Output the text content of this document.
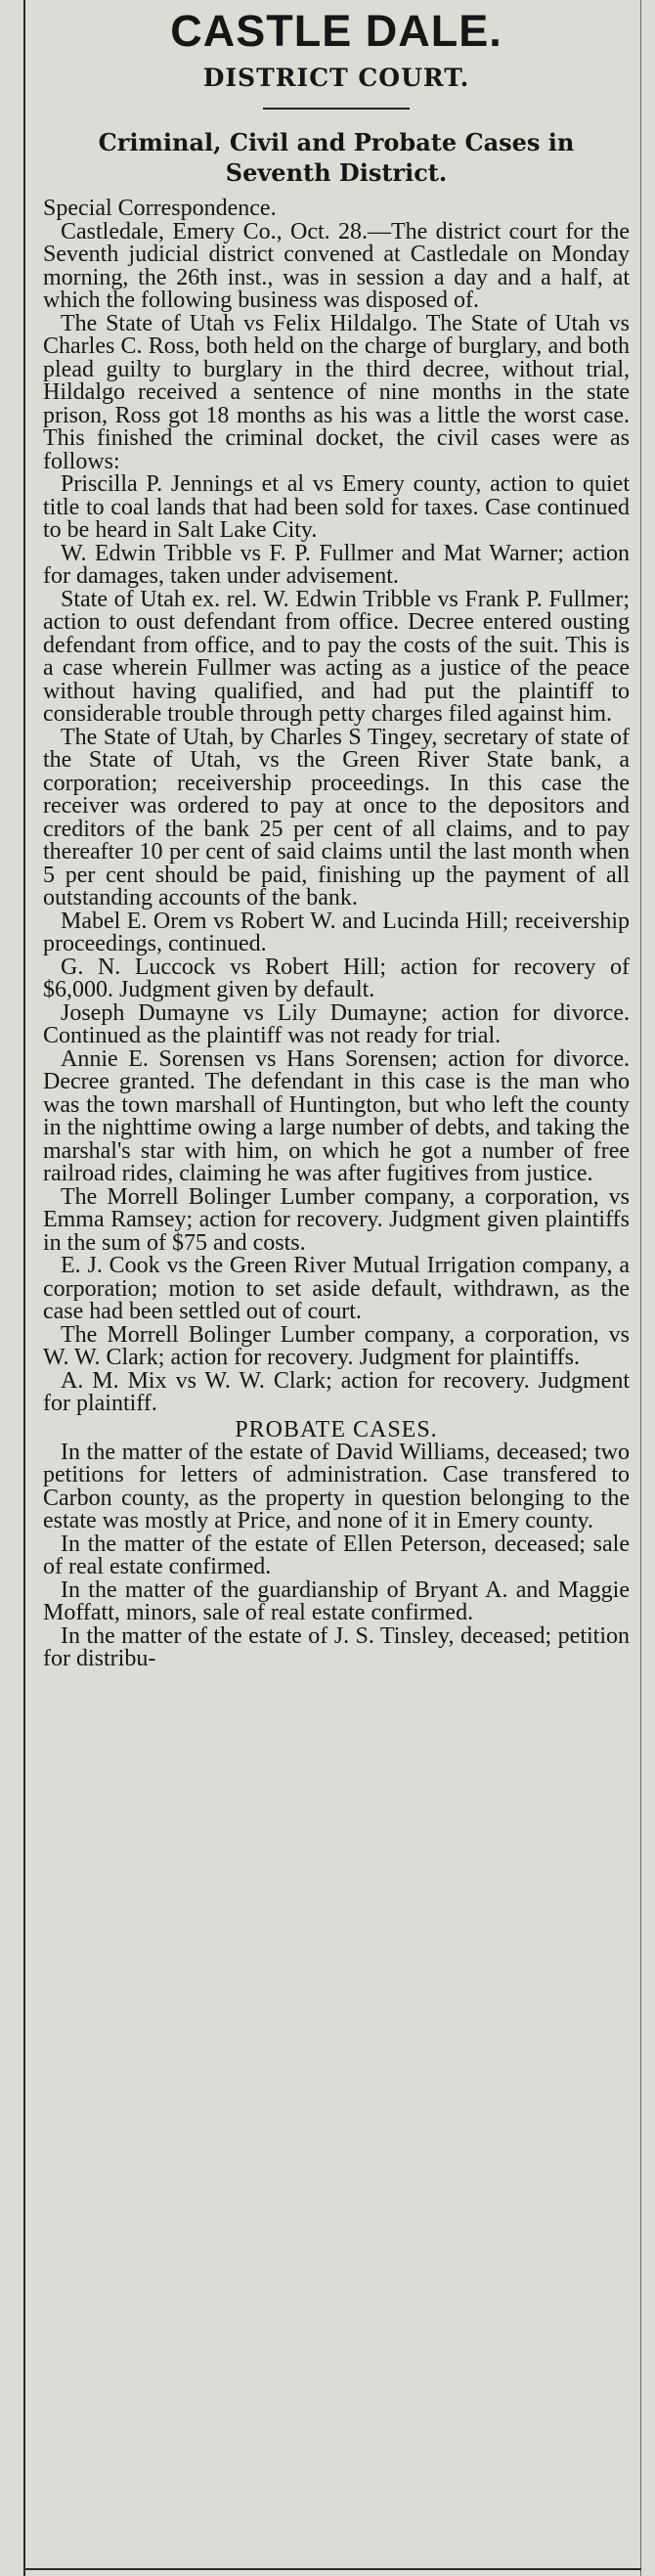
CASTLE DALE.
DISTRICT COURT.
Criminal, Civil and Probate Cases in
Seventh District.

Special Correspondence.

Castledale, Emery Co., Oct. 28.—The district court for the Seventh judicial district convened at Castledale on Monday morning, the 26th inst., was in session a day and a half, at which the following business was disposed of.

The State of Utah vs Felix Hildalgo. The State of Utah vs Charles C. Ross, both held on the charge of burglary, and both plead guilty to burglary in the third decree, without trial, Hildalgo received a sentence of nine months in the state prison, Ross got 18 months as his was a little the worst case. This finished the criminal docket, the civil cases were as follows:

Priscilla P. Jennings et al vs Emery county, action to quiet title to coal lands that had been sold for taxes. Case continued to be heard in Salt Lake City.

W. Edwin Tribble vs F. P. Fullmer and Mat Warner; action for damages, taken under advisement.

State of Utah ex. rel. W. Edwin Tribble vs Frank P. Fullmer; action to oust defendant from office. Decree entered ousting defendant from office, and to pay the costs of the suit. This is a case wherein Fullmer was acting as a justice of the peace without having qualified, and had put the plaintiff to considerable trouble through petty charges filed against him.

The State of Utah, by Charles S Tingey, secretary of state of the State of Utah, vs the Green River State bank, a corporation; receivership proceedings. In this case the receiver was ordered to pay at once to the depositors and creditors of the bank 25 per cent of all claims, and to pay thereafter 10 per cent of said claims until the last month when 5 per cent should be paid, finishing up the payment of all outstanding accounts of the bank.

Mabel E. Orem vs Robert W. and Lucinda Hill; receivership proceedings, continued.

G. N. Luccock vs Robert Hill; action for recovery of $6,000. Judgment given by default.

Joseph Dumayne vs Lily Dumayne; action for divorce. Continued as the plaintiff was not ready for trial.

Annie E. Sorensen vs Hans Sorensen; action for divorce. Decree granted. The defendant in this case is the man who was the town marshall of Huntington, but who left the county in the nighttime owing a large number of debts, and taking the marshal's star with him, on which he got a number of free railroad rides, claiming he was after fugitives from justice.

The Morrell Bolinger Lumber company, a corporation, vs Emma Ramsey; action for recovery. Judgment given plaintiffs in the sum of $75 and costs.

E. J. Cook vs the Green River Mutual Irrigation company, a corporation; motion to set aside default, withdrawn, as the case had been settled out of court.

The Morrell Bolinger Lumber company, a corporation, vs W. W. Clark; action for recovery. Judgment for plaintiffs.

A. M. Mix vs W. W. Clark; action for recovery. Judgment for plaintiff.

PROBATE CASES.

In the matter of the estate of David Williams, deceased; two petitions for letters of administration. Case transfered to Carbon county, as the property in question belonging to the estate was mostly at Price, and none of it in Emery county.

In the matter of the estate of Ellen Peterson, deceased; sale of real estate confirmed.

In the matter of the guardianship of Bryant A. and Maggie Moffatt, minors, sale of real estate confirmed.

In the matter of the estate of J. S. Tinsley, deceased; petition for distribu-
